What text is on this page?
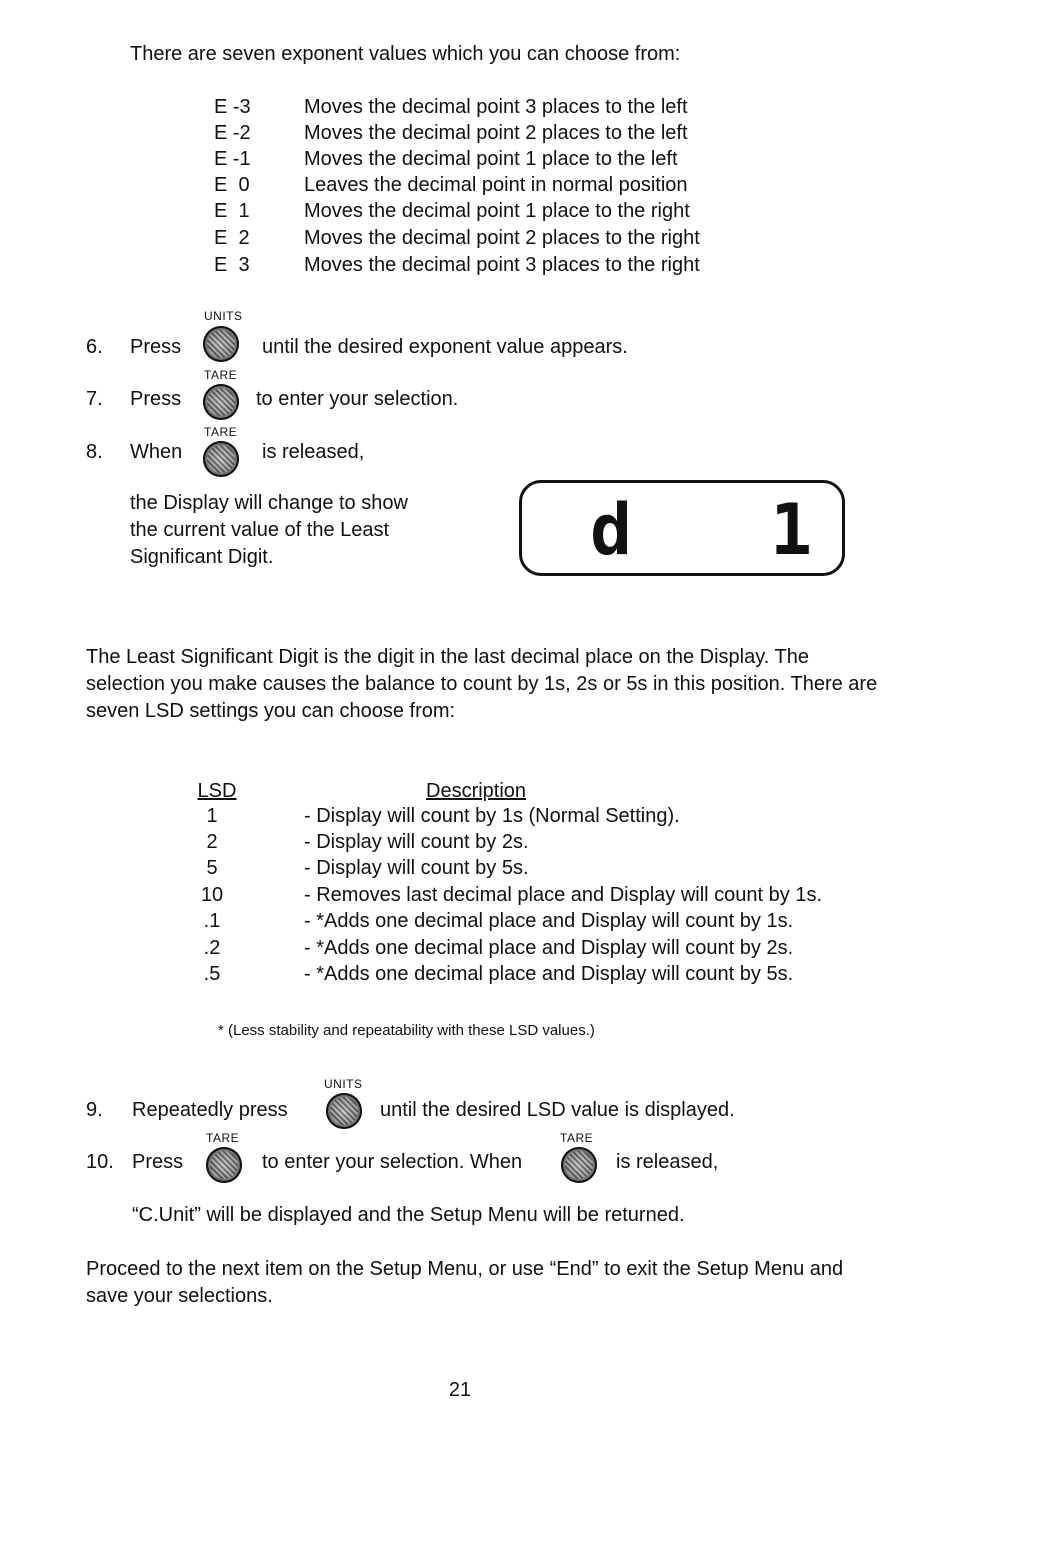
There are seven exponent values which you can choose from:
E -3	Moves the decimal point 3 places to the left
E -2	Moves the decimal point 2 places to the left
E -1	Moves the decimal point 1 place to the left
E  0	Leaves the decimal point in normal position
E  1	Moves the decimal point 1 place to the right
E  2	Moves the decimal point 2 places to the right
E  3	Moves the decimal point 3 places to the right
6. Press
UNITS
until the desired exponent value appears.
7. Press
TARE
to enter your selection.
8. When
TARE
is released,
the Display will change to show
the current value of the Least
Significant Digit.	d 1
The Least Significant Digit is the digit in the last decimal place on the Display. The selection you make causes the balance to count by 1s, 2s or 5s in this position. There are seven LSD settings you can choose from:
LSD	Description
1	- Display will count by 1s (Normal Setting).
2	- Display will count by 2s.
5	- Display will count by 5s.
10	- Removes last decimal place and Display will count by 1s.
.1	- *Adds one decimal place and Display will count by 1s.
.2	- *Adds one decimal place and Display will count by 2s.
.5	- *Adds one decimal place and Display will count by 5s.
* (Less stability and repeatability with these LSD values.)
9. Repeatedly press
UNITS
until the desired LSD value is displayed.
10. Press
TARE
to enter your selection. When
TARE
is released,
“C.Unit” will be displayed and the Setup Menu will be returned.
Proceed to the next item on the Setup Menu, or use “End” to exit the Setup Menu and save your selections.
21
